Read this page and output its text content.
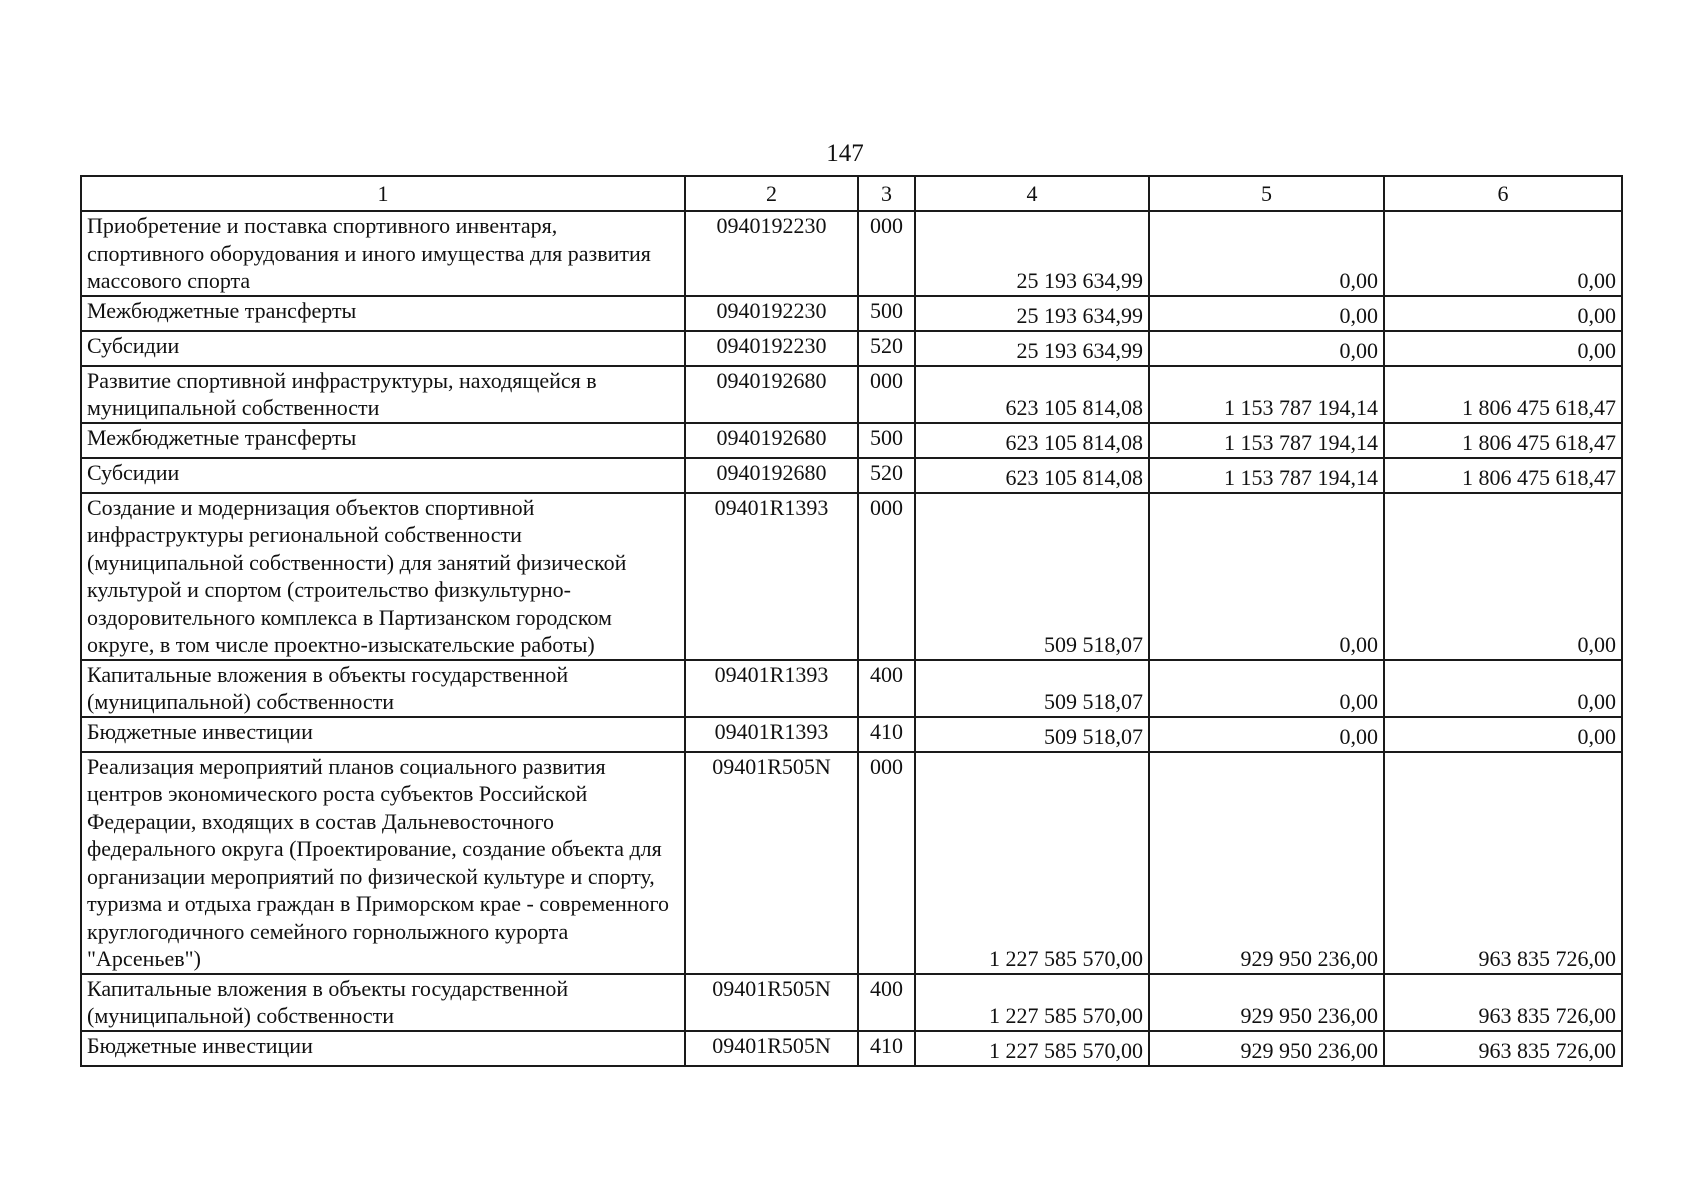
147
1	2	3	4	5	6
Приобретение и поставка спортивного инвентаря, спортивного оборудования и иного имущества для развития массового спорта	0940192230	000	25 193 634,99	0,00	0,00
Межбюджетные трансферты	0940192230	500	25 193 634,99	0,00	0,00
Субсидии	0940192230	520	25 193 634,99	0,00	0,00
Развитие спортивной инфраструктуры, находящейся в муниципальной собственности	0940192680	000	623 105 814,08	1 153 787 194,14	1 806 475 618,47
Межбюджетные трансферты	0940192680	500	623 105 814,08	1 153 787 194,14	1 806 475 618,47
Субсидии	0940192680	520	623 105 814,08	1 153 787 194,14	1 806 475 618,47
Создание и модернизация объектов спортивной инфраструктуры региональной собственности (муниципальной собственности) для занятий физической культурой и спортом (строительство физкультурно-оздоровительного комплекса в Партизанском городском округе, в том числе проектно-изыскательские работы)	09401R1393	000	509 518,07	0,00	0,00
Капитальные вложения в объекты государственной (муниципальной) собственности	09401R1393	400	509 518,07	0,00	0,00
Бюджетные инвестиции	09401R1393	410	509 518,07	0,00	0,00
Реализация мероприятий планов социального развития центров экономического роста субъектов Российской Федерации, входящих в состав Дальневосточного федерального округа (Проектирование, создание объекта для организации мероприятий по физической культуре и спорту, туризма и отдыха граждан в Приморском крае - современного круглогодичного семейного горнолыжного курорта "Арсеньев")	09401R505N	000	1 227 585 570,00	929 950 236,00	963 835 726,00
Капитальные вложения в объекты государственной (муниципальной) собственности	09401R505N	400	1 227 585 570,00	929 950 236,00	963 835 726,00
Бюджетные инвестиции	09401R505N	410	1 227 585 570,00	929 950 236,00	963 835 726,00
